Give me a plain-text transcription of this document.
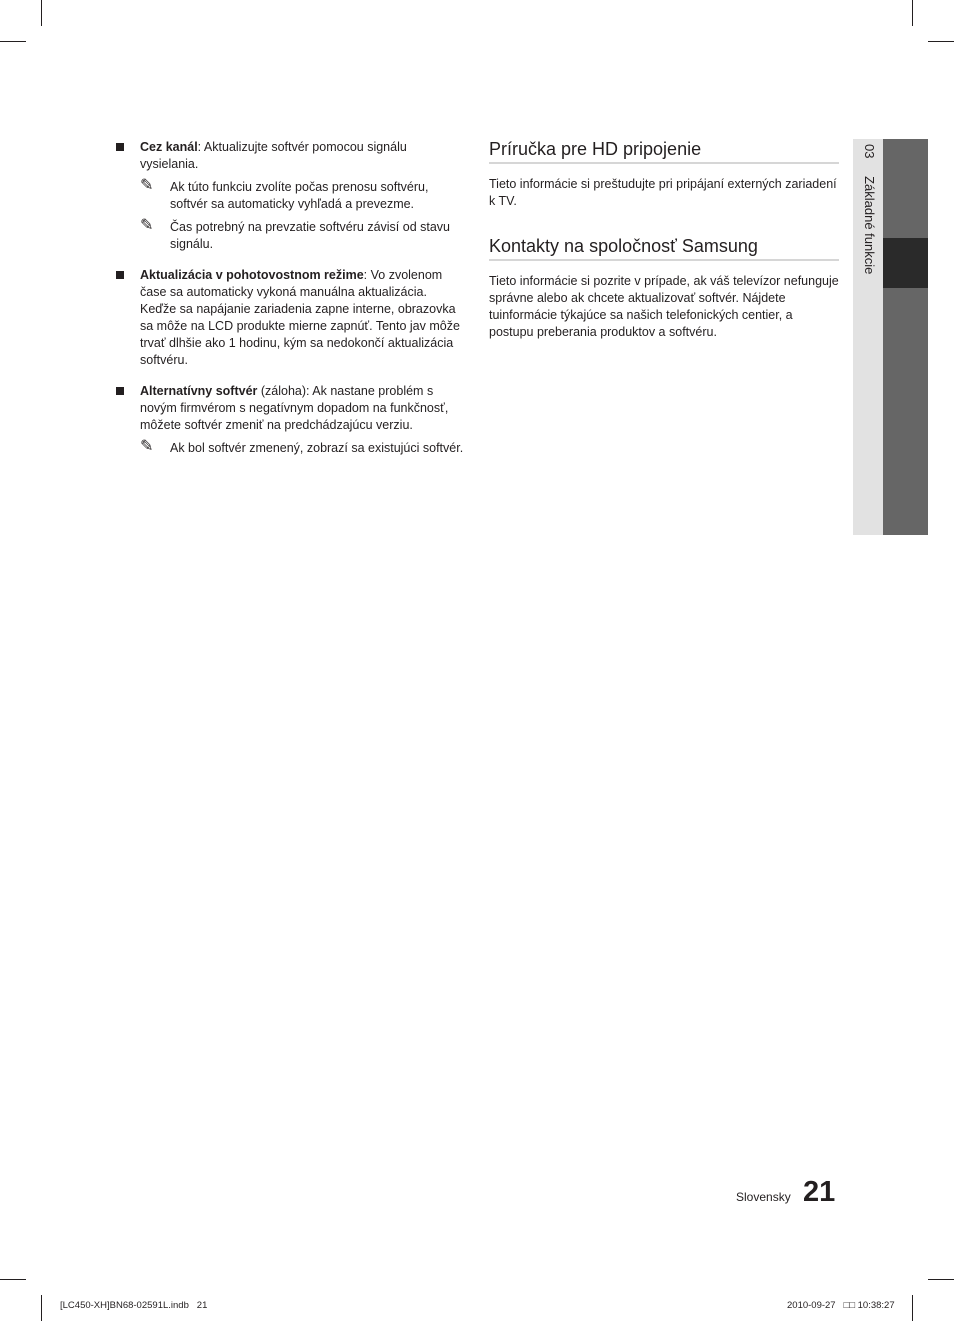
Cez kanál: Aktualizujte softvér pomocou signálu vysielania.
✎ Ak túto funkciu zvolíte počas prenosu softvéru, softvér sa automaticky vyhľadá a prevezme.
✎ Čas potrebný na prevzatie softvéru závisí od stavu signálu.
Aktualizácia v pohotovostnom režime: Vo zvolenom čase sa automaticky vykoná manuálna aktualizácia. Keďže sa napájanie zariadenia zapne interne, obrazovka sa môže na LCD produkte mierne zapnúť. Tento jav môže trvať dlhšie ako 1 hodinu, kým sa nedokončí aktualizácia softvéru.
Alternatívny softvér (záloha): Ak nastane problém s novým firmvérom s negatívnym dopadom na funkčnosť, môžete softvér zmeniť na predchádzajúcu verziu.
✎ Ak bol softvér zmenený, zobrazí sa existujúci softvér.
Príručka pre HD pripojenie

Tieto informácie si preštudujte pri pripájaní externých zariadení k TV.

Kontakty na spoločnosť Samsung

Tieto informácie si pozrite v prípade, ak váš televízor nefunguje správne alebo ak chcete aktualizovať softvér. Nájdete tuinformácie týkajúce sa našich telefonických centier, a postupu preberania produktov a softvéru.

03 Základné funkcie
Slovensky 21
[LC450-XH]BN68-02591L.indb   21	2010-09-27   □□ 10:38:27
